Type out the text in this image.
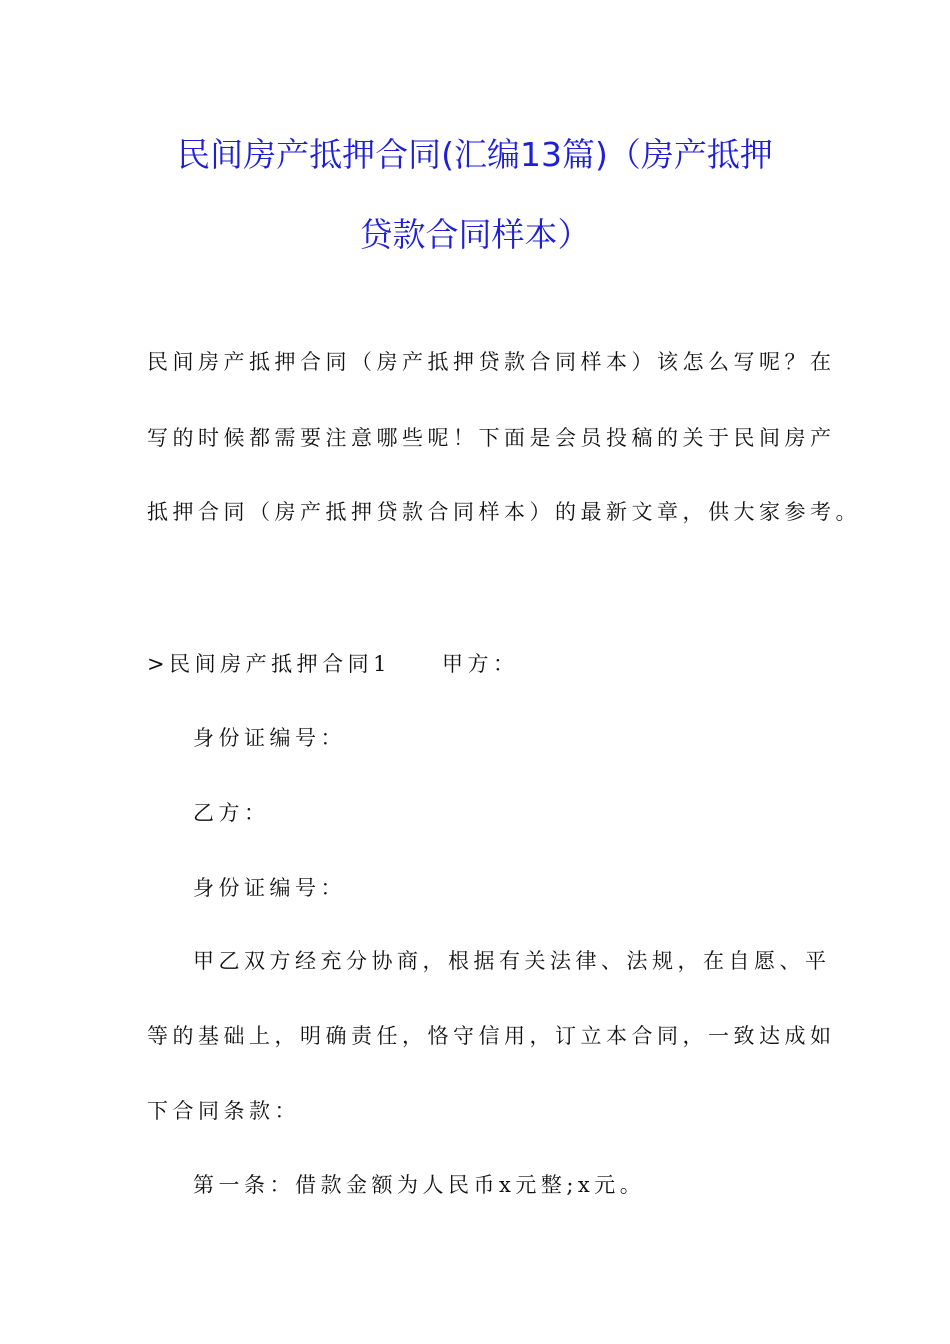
民间房产抵押合同(汇编13篇)（房产抵押
贷款合同样本）

民间房产抵押合同（房产抵押贷款合同样本）该怎么写呢？在

写的时候都需要注意哪些呢！下面是会员投稿的关于民间房产

抵押合同（房产抵押贷款合同样本）的最新文章，供大家参考。

>民间房产抵押合同1　　甲方：

身份证编号：

乙方：

身份证编号：

甲乙双方经充分协商，根据有关法律、法规，在自愿、平

等的基础上，明确责任，恪守信用，订立本合同，一致达成如

下合同条款：

第一条：借款金额为人民币x元整;x元。
